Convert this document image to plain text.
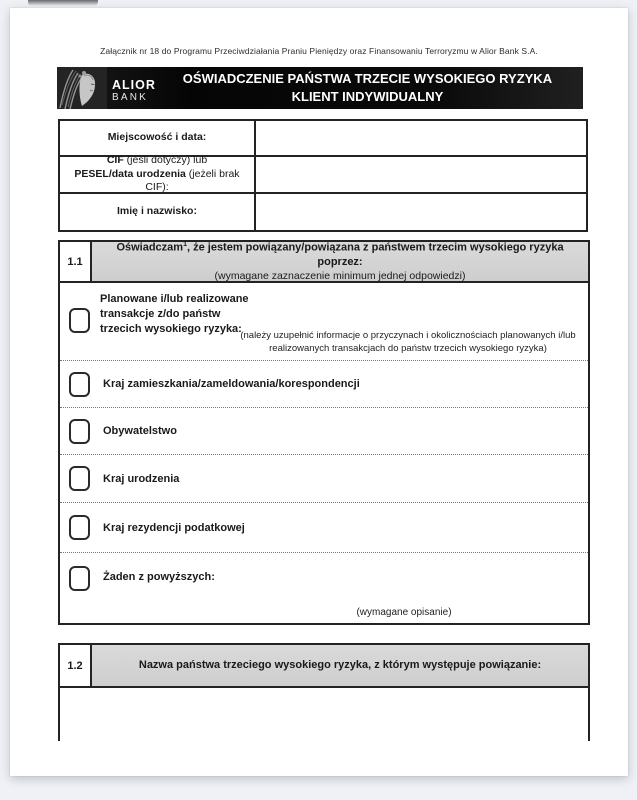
Załącznik nr 18 do Programu Przeciwdziałania Praniu Pieniędzy oraz Finansowaniu Terroryzmu w Alior Bank S.A.
ALIOR
BANK
OŚWIADCZENIE PAŃSTWA TRZECIE WYSOKIEGO RYZYKA
KLIENT INDYWIDUALNY
Miejscowość i data:
CIF (jeśli dotyczy) lub
PESEL/data urodzenia (jeżeli brak CIF):
Imię i nazwisko:
1.1
Oświadczam$^1$, że jestem powiązany/powiązana z państwem trzecim wysokiego ryzyka poprzez:
(wymagane zaznaczenie minimum jednej odpowiedzi)
Planowane i/lub realizowane transakcje z/do państw trzecich wysokiego ryzyka:
(należy uzupełnić informacje o przyczynach i okolicznościach planowanych i/lub realizowanych transakcjach do państw trzecich wysokiego ryzyka)
Kraj zamieszkania/zameldowania/korespondencji
Obywatelstwo
Kraj urodzenia
Kraj rezydencji podatkowej
Żaden z powyższych:
(wymagane opisanie)
1.2	Nazwa państwa trzeciego wysokiego ryzyka, z którym występuje powiązanie:
